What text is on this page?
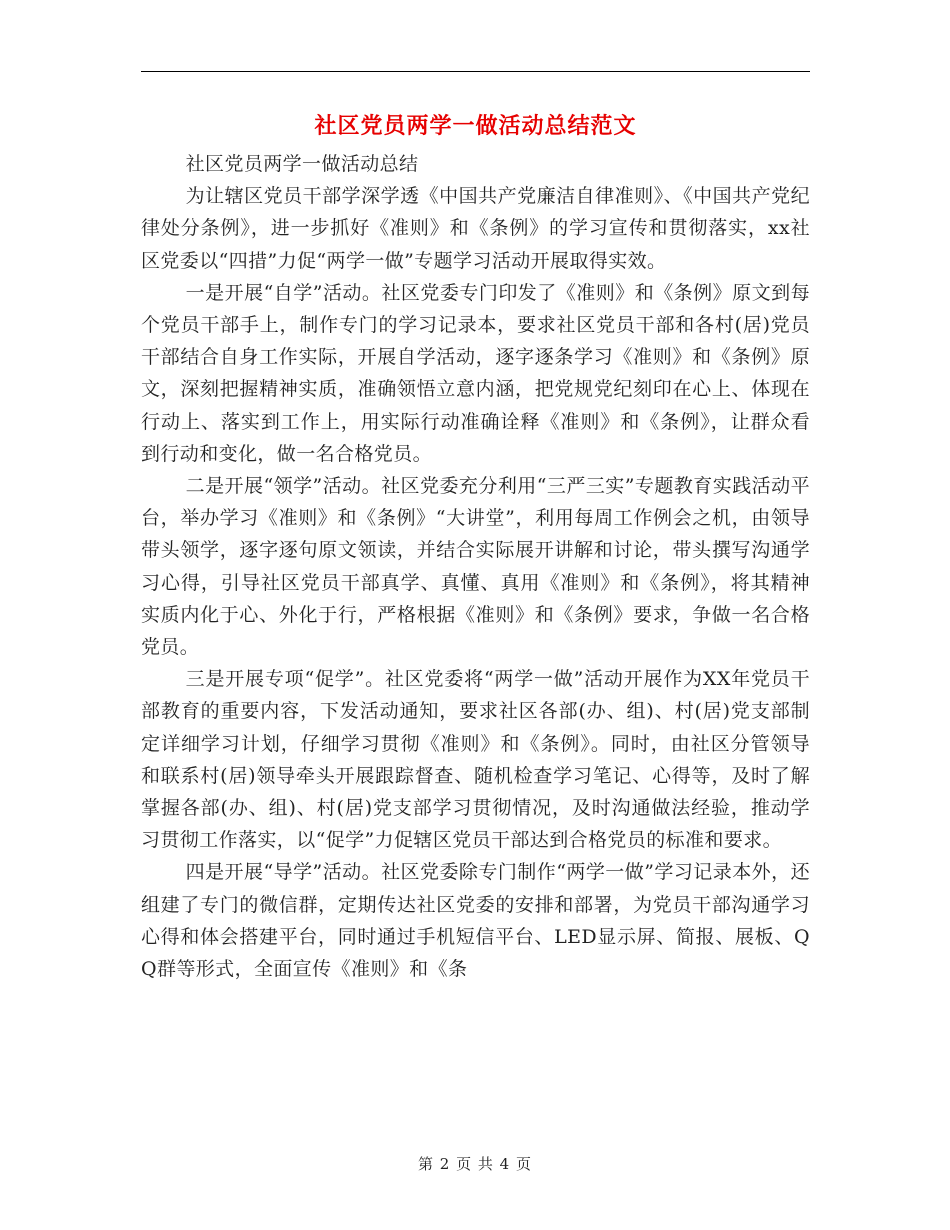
社区党员两学一做活动总结范文

社区党员两学一做活动总结

为让辖区党员干部学深学透《中国共产党廉洁自律准则》、《中国共产党纪律处分条例》，进一步抓好《准则》和《条例》的学习宣传和贯彻落实，xx社区党委以“四措”力促“两学一做”专题学习活动开展取得实效。

一是开展“自学”活动。社区党委专门印发了《准则》和《条例》原文到每个党员干部手上，制作专门的学习记录本，要求社区党员干部和各村(居)党员干部结合自身工作实际，开展自学活动，逐字逐条学习《准则》和《条例》原文，深刻把握精神实质，准确领悟立意内涵，把党规党纪刻印在心上、体现在行动上、落实到工作上，用实际行动准确诠释《准则》和《条例》，让群众看到行动和变化，做一名合格党员。

二是开展“领学”活动。社区党委充分利用“三严三实”专题教育实践活动平台，举办学习《准则》和《条例》“大讲堂”，利用每周工作例会之机，由领导带头领学，逐字逐句原文领读，并结合实际展开讲解和讨论，带头撰写沟通学习心得，引导社区党员干部真学、真懂、真用《准则》和《条例》，将其精神实质内化于心、外化于行，严格根据《准则》和《条例》要求，争做一名合格党员。

三是开展专项“促学”。社区党委将“两学一做”活动开展作为XX年党员干部教育的重要内容，下发活动通知，要求社区各部(办、组)、村(居)党支部制定详细学习计划，仔细学习贯彻《准则》和《条例》。同时，由社区分管领导和联系村(居)领导牵头开展跟踪督查、随机检查学习笔记、心得等，及时了解掌握各部(办、组)、村(居)党支部学习贯彻情况，及时沟通做法经验，推动学习贯彻工作落实，以“促学”力促辖区党员干部达到合格党员的标准和要求。

四是开展“导学”活动。社区党委除专门制作“两学一做”学习记录本外，还组建了专门的微信群，定期传达社区党委的安排和部署，为党员干部沟通学习心得和体会搭建平台，同时通过手机短信平台、LED显示屏、简报、展板、QQ群等形式，全面宣传《准则》和《条

第 2 页 共 4 页
